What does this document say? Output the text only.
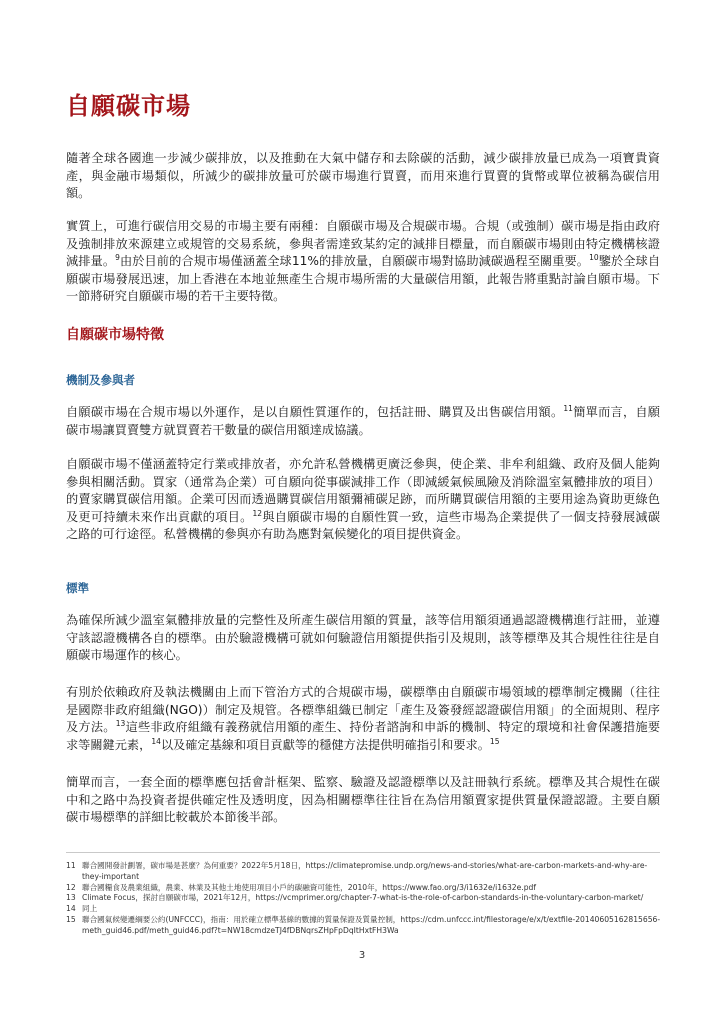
自願碳市場

隨著全球各國進一步減少碳排放，以及推動在大氣中儲存和去除碳的活動，減少碳排放量已成為一項寶貴資產，與金融市場類似，所減少的碳排放量可於碳市場進行買賣，而用來進行買賣的貨幣或單位被稱為碳信用額。

實質上，可進行碳信用交易的市場主要有兩種：自願碳市場及合規碳市場。合規（或強制）碳市場是指由政府及強制排放來源建立或規管的交易系統，參與者需達致某約定的減排目標量，而自願碳市場則由特定機構核證減排量。$^9$由於目前的合規市場僅涵蓋全球11%的排放量，自願碳市場對協助減碳過程至關重要。$^{10}$鑒於全球自願碳市場發展迅速，加上香港在本地並無產生合規市場所需的大量碳信用額，此報告將重點討論自願市場。下一節將研究自願碳市場的若干主要特徵。

自願碳市場特徵
機制及參與者

自願碳市場在合規市場以外運作，是以自願性質運作的，包括註冊、購買及出售碳信用額。$^{11}$簡單而言，自願碳市場讓買賣雙方就買賣若干數量的碳信用額達成協議。

自願碳市場不僅涵蓋特定行業或排放者，亦允許私營機構更廣泛參與，使企業、非牟利組織、政府及個人能夠參與相關活動。買家（通常為企業）可自願向從事碳減排工作（即減緩氣候風險及消除溫室氣體排放的項目）的賣家購買碳信用額。企業可因而透過購買碳信用額彌補碳足跡，而所購買碳信用額的主要用途為資助更綠色及更可持續未來作出貢獻的項目。$^{12}$與自願碳市場的自願性質一致，這些市場為企業提供了一個支持發展減碳之路的可行途徑。私營機構的參與亦有助為應對氣候變化的項目提供資金。

標準

為確保所減少溫室氣體排放量的完整性及所產生碳信用額的質量，該等信用額須通過認證機構進行註冊，並遵守該認證機構各自的標準。由於驗證機構可就如何驗證信用額提供指引及規則，該等標準及其合規性往往是自願碳市場運作的核心。

有別於依賴政府及執法機關由上而下管治方式的合規碳市場，碳標準由自願碳市場領域的標準制定機關（往往是國際非政府組織(NGO)）制定及規管。各標準組織已制定「產生及簽發經認證碳信用額」的全面規則、程序及方法。$^{13}$這些非政府組織有義務就信用額的產生、持份者諮詢和申訴的機制、特定的環境和社會保護措施要求等關鍵元素，$^{14}$以及確定基線和項目貢獻等的穩健方法提供明確指引和要求。$^{15}$

簡單而言，一套全面的標準應包括會計框架、監察、驗證及認證標準以及註冊執行系統。標準及其合規性在碳中和之路中為投資者提供確定性及透明度，因為相關標準往往旨在為信用額賣家提供質量保證認證。主要自願碳市場標準的詳細比較載於本節後半部。

11 聯合國開發計劃署，碳市場是甚麼？為何重要？2022年5月18日，https://climatepromise.undp.org/news-and-stories/what-are-carbon-markets-and-why-are-they-important

12 聯合國糧食及農業組織，農業、林業及其他土地使用項目小戶的碳融資可能性，2010年，https://www.fao.org/3/i1632e/i1632e.pdf

13 Climate Focus，探討自願碳市場，2021年12月，https://vcmprimer.org/chapter-7-what-is-the-role-of-carbon-standards-in-the-voluntary-carbon-market/

14 同上

15 聯合國氣候變遷綱要公約(UNFCCC)，指南：用於確立標準基線的數據的質量保證及質量控制，https://cdm.unfccc.int/filestorage/e/x/t/extfile-20140605162815656-meth_guid46.pdf/meth_guid46.pdf?t=NW18cmdzeTJ4fDBNqrsZHpFpDqItHxtFH3Wa

3
